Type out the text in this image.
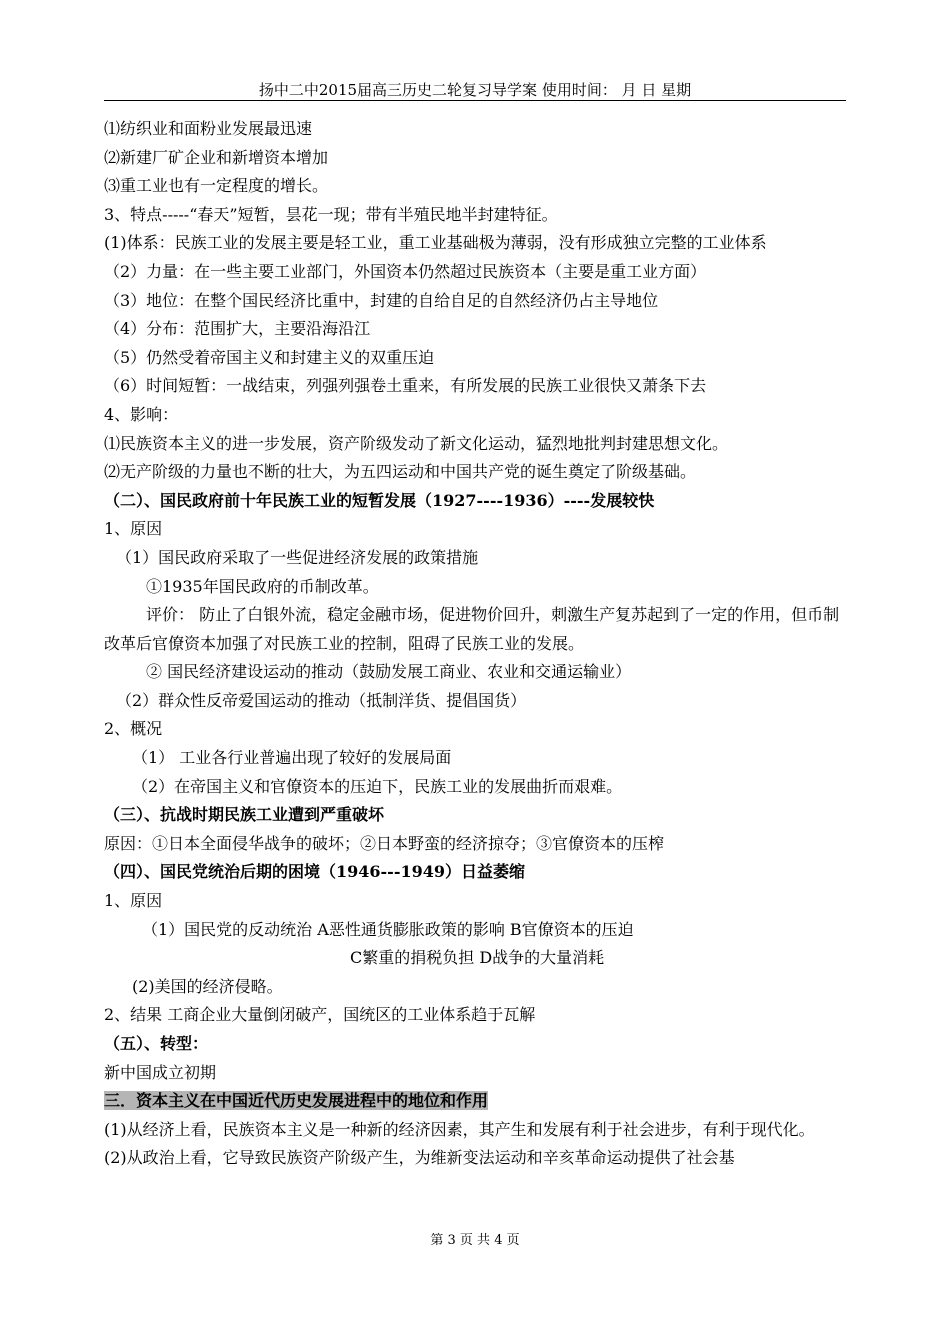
扬中二中2015届高三历史二轮复习导学案 使用时间： 月 日 星期
⑴纺织业和面粉业发展最迅速
⑵新建厂矿企业和新增资本增加
⑶重工业也有一定程度的增长。
3、特点-----“春天”短暂，昙花一现；带有半殖民地半封建特征。
(1)体系：民族工业的发展主要是轻工业，重工业基础极为薄弱，没有形成独立完整的工业体系
（2）力量：在一些主要工业部门，外国资本仍然超过民族资本（主要是重工业方面）
（3）地位：在整个国民经济比重中，封建的自给自足的自然经济仍占主导地位
（4）分布：范围扩大，主要沿海沿江
（5）仍然受着帝国主义和封建主义的双重压迫
（6）时间短暂：一战结束，列强列强卷土重来，有所发展的民族工业很快又萧条下去
4、影响：
⑴民族资本主义的进一步发展，资产阶级发动了新文化运动，猛烈地批判封建思想文化。
⑵无产阶级的力量也不断的壮大，为五四运动和中国共产党的诞生奠定了阶级基础。
（二）、国民政府前十年民族工业的短暂发展（1927----1936）----发展较快
1、原因
（1）国民政府采取了一些促进经济发展的政策措施
①1935年国民政府的币制改革。
评价： 防止了白银外流，稳定金融市场，促进物价回升，刺激生产复苏起到了一定的作用，但币制改革后官僚资本加强了对民族工业的控制，阻碍了民族工业的发展。
② 国民经济建设运动的推动（鼓励发展工商业、农业和交通运输业）
（2）群众性反帝爱国运动的推动（抵制洋货、提倡国货）
2、概况
（1） 工业各行业普遍出现了较好的发展局面
（2）在帝国主义和官僚资本的压迫下，民族工业的发展曲折而艰难。
（三）、抗战时期民族工业遭到严重破坏
原因：①日本全面侵华战争的破坏；②日本野蛮的经济掠夺；③官僚资本的压榨
（四）、国民党统治后期的困境（1946---1949）日益萎缩
1、原因
（1）国民党的反动统治 A恶性通货膨胀政策的影响 B官僚资本的压迫
C繁重的捐税负担 D战争的大量消耗
(2)美国的经济侵略。
2、结果 工商企业大量倒闭破产，国统区的工业体系趋于瓦解
（五）、转型：
新中国成立初期
三．资本主义在中国近代历史发展进程中的地位和作用
(1)从经济上看，民族资本主义是一种新的经济因素，其产生和发展有利于社会进步，有利于现代化。
(2)从政治上看，它导致民族资产阶级产生，为维新变法运动和辛亥革命运动提供了社会基
第 3 页 共 4 页
